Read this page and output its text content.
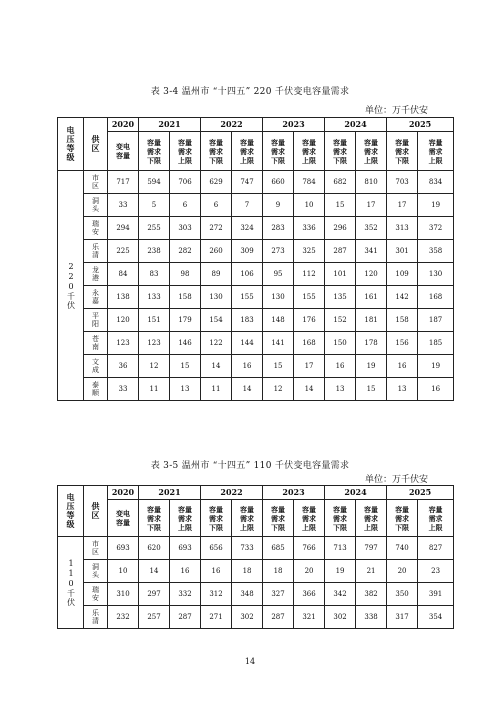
表 3-4 温州市 “十四五” 220 千伏变电容量需求
单位：万千伏安
电压等级	供区	2020	2021		2022		2023		2024		2025	

		变电容量	容量需求下限	容量需求上限	容量需求下限	容量需求上限	容量需求下限	容量需求上限	容量需求下限	容量需求上限	容量需求下限	容量需求上限

220千伏	市区	717	594	706	629	747	660	784	682	810	703	834

	洞头	33	5	6	6	7	9	10	15	17	17	19

	瑞安	294	255	303	272	324	283	336	296	352	313	372

	乐清	225	238	282	260	309	273	325	287	341	301	358

	龙港	84	83	98	89	106	95	112	101	120	109	130

	永嘉	138	133	158	130	155	130	155	135	161	142	168

	平阳	120	151	179	154	183	148	176	152	181	158	187

	苍南	123	123	146	122	144	141	168	150	178	156	185

	文成	36	12	15	14	16	15	17	16	19	16	19

	泰顺	33	11	13	11	14	12	14	13	15	13	16
表 3-5 温州市 “十四五” 110 千伏变电容量需求
单位：万千伏安
电压等级	供区	2020	2021		2022		2023		2024		2025	

		变电容量	容量需求下限	容量需求上限	容量需求下限	容量需求上限	容量需求下限	容量需求上限	容量需求下限	容量需求上限	容量需求下限	容量需求上限

110千伏	市区	693	620	693	656	733	685	766	713	797	740	827

	洞头	10	14	16	16	18	18	20	19	21	20	23

	瑞安	310	297	332	312	348	327	366	342	382	350	391

	乐清	232	257	287	271	302	287	321	302	338	317	354
14
